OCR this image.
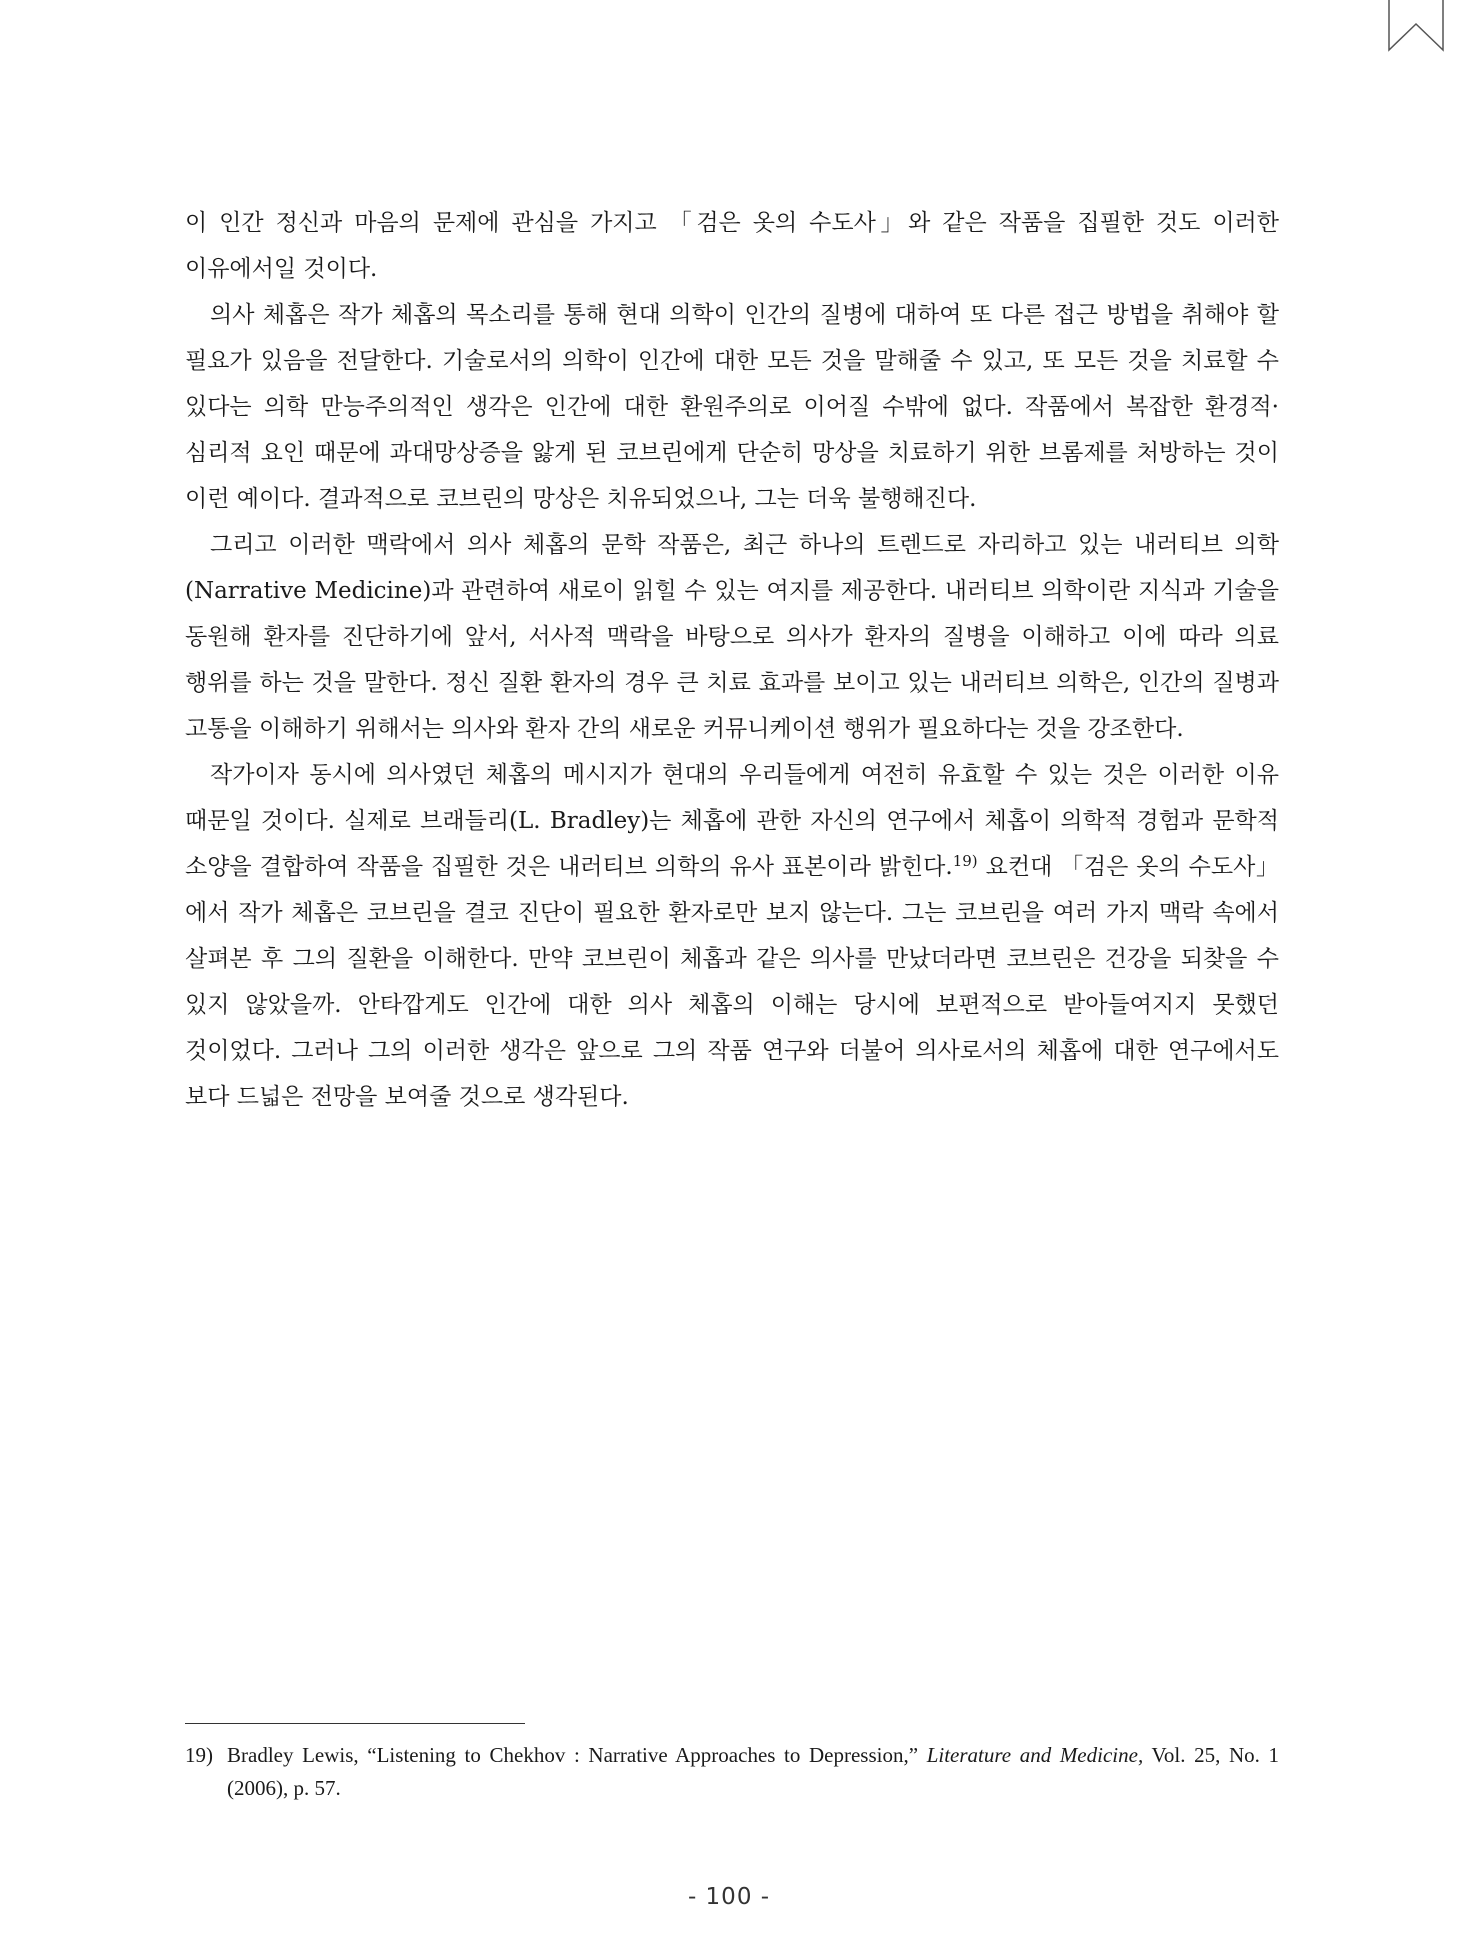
이 인간 정신과 마음의 문제에 관심을 가지고 「검은 옷의 수도사」와 같은 작품을 집필한 것도 이러한 이유에서일 것이다.

의사 체홉은 작가 체홉의 목소리를 통해 현대 의학이 인간의 질병에 대하여 또 다른 접근 방법을 취해야 할 필요가 있음을 전달한다. 기술로서의 의학이 인간에 대한 모든 것을 말해줄 수 있고, 또 모든 것을 치료할 수 있다는 의학 만능주의적인 생각은 인간에 대한 환원주의로 이어질 수밖에 없다. 작품에서 복잡한 환경적·심리적 요인 때문에 과대망상증을 앓게 된 코브린에게 단순히 망상을 치료하기 위한 브롬제를 처방하는 것이 이런 예이다. 결과적으로 코브린의 망상은 치유되었으나, 그는 더욱 불행해진다.

그리고 이러한 맥락에서 의사 체홉의 문학 작품은, 최근 하나의 트렌드로 자리하고 있는 내러티브 의학(Narrative Medicine)과 관련하여 새로이 읽힐 수 있는 여지를 제공한다. 내러티브 의학이란 지식과 기술을 동원해 환자를 진단하기에 앞서, 서사적 맥락을 바탕으로 의사가 환자의 질병을 이해하고 이에 따라 의료 행위를 하는 것을 말한다. 정신 질환 환자의 경우 큰 치료 효과를 보이고 있는 내러티브 의학은, 인간의 질병과 고통을 이해하기 위해서는 의사와 환자 간의 새로운 커뮤니케이션 행위가 필요하다는 것을 강조한다.

작가이자 동시에 의사였던 체홉의 메시지가 현대의 우리들에게 여전히 유효할 수 있는 것은 이러한 이유 때문일 것이다. 실제로 브래들리(L. Bradley)는 체홉에 관한 자신의 연구에서 체홉이 의학적 경험과 문학적 소양을 결합하여 작품을 집필한 것은 내러티브 의학의 유사 표본이라 밝힌다.$^{19)}$ 요컨대 「검은 옷의 수도사」에서 작가 체홉은 코브린을 결코 진단이 필요한 환자로만 보지 않는다. 그는 코브린을 여러 가지 맥락 속에서 살펴본 후 그의 질환을 이해한다. 만약 코브린이 체홉과 같은 의사를 만났더라면 코브린은 건강을 되찾을 수 있지 않았을까. 안타깝게도 인간에 대한 의사 체홉의 이해는 당시에 보편적으로 받아들여지지 못했던 것이었다. 그러나 그의 이러한 생각은 앞으로 그의 작품 연구와 더불어 의사로서의 체홉에 대한 연구에서도 보다 드넓은 전망을 보여줄 것으로 생각된다.

19) Bradley Lewis, “Listening to Chekhov : Narrative Approaches to Depression,” Literature and Medicine, Vol. 25, No. 1 (2006), p. 57.
- 100 -
